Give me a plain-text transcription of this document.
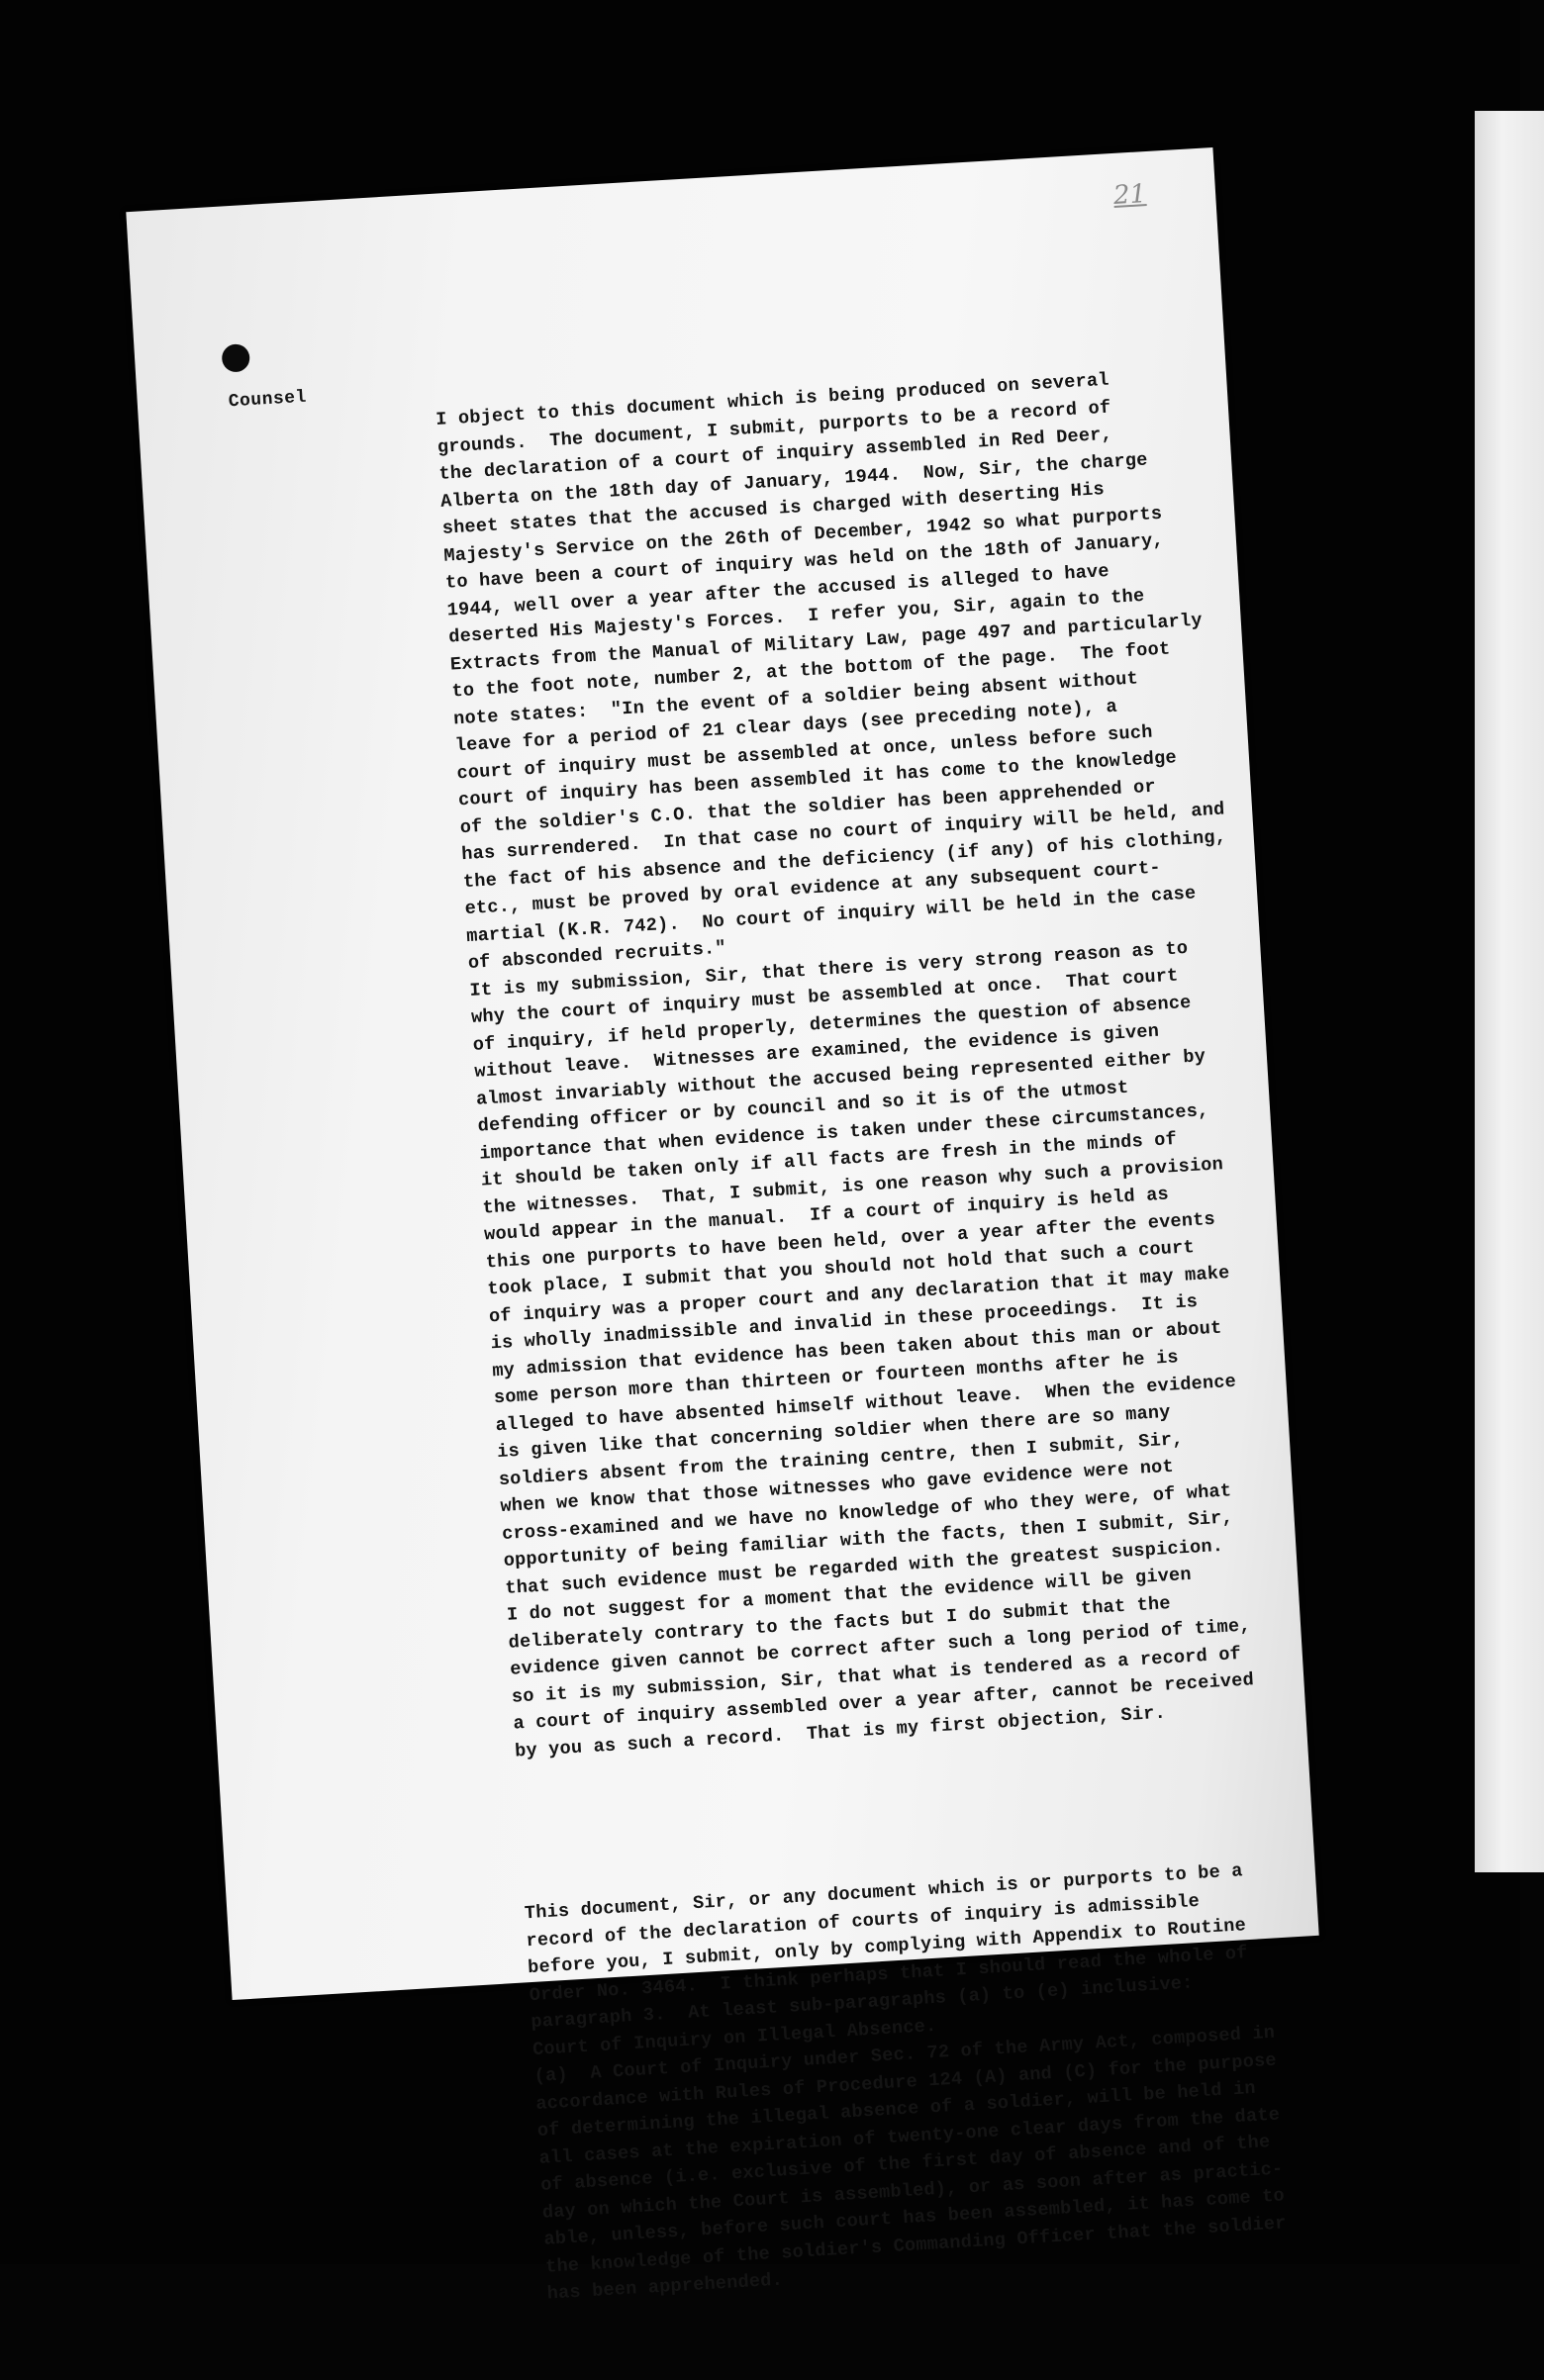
21
Counsel

	I object to this document which is being produced on several
grounds.  The document, I submit, purports to be a record of
the declaration of a court of inquiry assembled in Red Deer,
Alberta on the 18th day of January, 1944.  Now, Sir, the charge
sheet states that the accused is charged with deserting His
Majesty's Service on the 26th of December, 1942 so what purports
to have been a court of inquiry was held on the 18th of January,
1944, well over a year after the accused is alleged to have
deserted His Majesty's Forces.  I refer you, Sir, again to the
Extracts from the Manual of Military Law, page 497 and particularly
to the foot note, number 2, at the bottom of the page.  The foot
note states:  "In the event of a soldier being absent without
leave for a period of 21 clear days (see preceding note), a
court of inquiry must be assembled at once, unless before such
court of inquiry has been assembled it has come to the knowledge
of the soldier's C.O. that the soldier has been apprehended or
has surrendered.  In that case no court of inquiry will be held, and
the fact of his absence and the deficiency (if any) of his clothing,
etc., must be proved by oral evidence at any subsequent court-
martial (K.R. 742).  No court of inquiry will be held in the case
of absconded recruits."
It is my submission, Sir, that there is very strong reason as to
why the court of inquiry must be assembled at once.  That court
of inquiry, if held properly, determines the question of absence
without leave.  Witnesses are examined, the evidence is given
almost invariably without the accused being represented either by
defending officer or by council and so it is of the utmost
importance that when evidence is taken under these circumstances,
it should be taken only if all facts are fresh in the minds of
the witnesses.  That, I submit, is one reason why such a provision
would appear in the manual.  If a court of inquiry is held as
this one purports to have been held, over a year after the events
took place, I submit that you should not hold that such a court
of inquiry was a proper court and any declaration that it may make
is wholly inadmissible and invalid in these proceedings.  It is
my admission that evidence has been taken about this man or about
some person more than thirteen or fourteen months after he is
alleged to have absented himself without leave.  When the evidence
is given like that concerning soldier when there are so many
soldiers absent from the training centre, then I submit, Sir,
when we know that those witnesses who gave evidence were not
cross-examined and we have no knowledge of who they were, of what
opportunity of being familiar with the facts, then I submit, Sir,
that such evidence must be regarded with the greatest suspicion.
I do not suggest for a moment that the evidence will be given
deliberately contrary to the facts but I do submit that the
evidence given cannot be correct after such a long period of time,
so it is my submission, Sir, that what is tendered as a record of
a court of inquiry assembled over a year after, cannot be received
by you as such a record.  That is my first objection, Sir.

This document, Sir, or any document which is or purports to be a
record of the declaration of courts of inquiry is admissible
before you, I submit, only by complying with Appendix to Routine
Order No. 3464.  I think perhaps that I should read the whole of
paragraph 3.  At least sub-paragraphs (a) to (e) inclusive:
Court of Inquiry on Illegal Absence.
(a)  A Court of Inquiry under Sec. 72 of the Army Act, composed in
accordance with Rules of Procedure 124 (A) and (C) for the purpose
of determining the illegal absence of a soldier, will be held in
all cases at the expiration of twenty-one clear days from the date
of absence (i.e. exclusive of the first day of absence and of the
day on which the Court is assembled), or as soon after as practic-
able, unless, before such court has been assembled, it has come to
the knowledge of the soldier's Commanding Officer that the soldier
has been apprehended.
